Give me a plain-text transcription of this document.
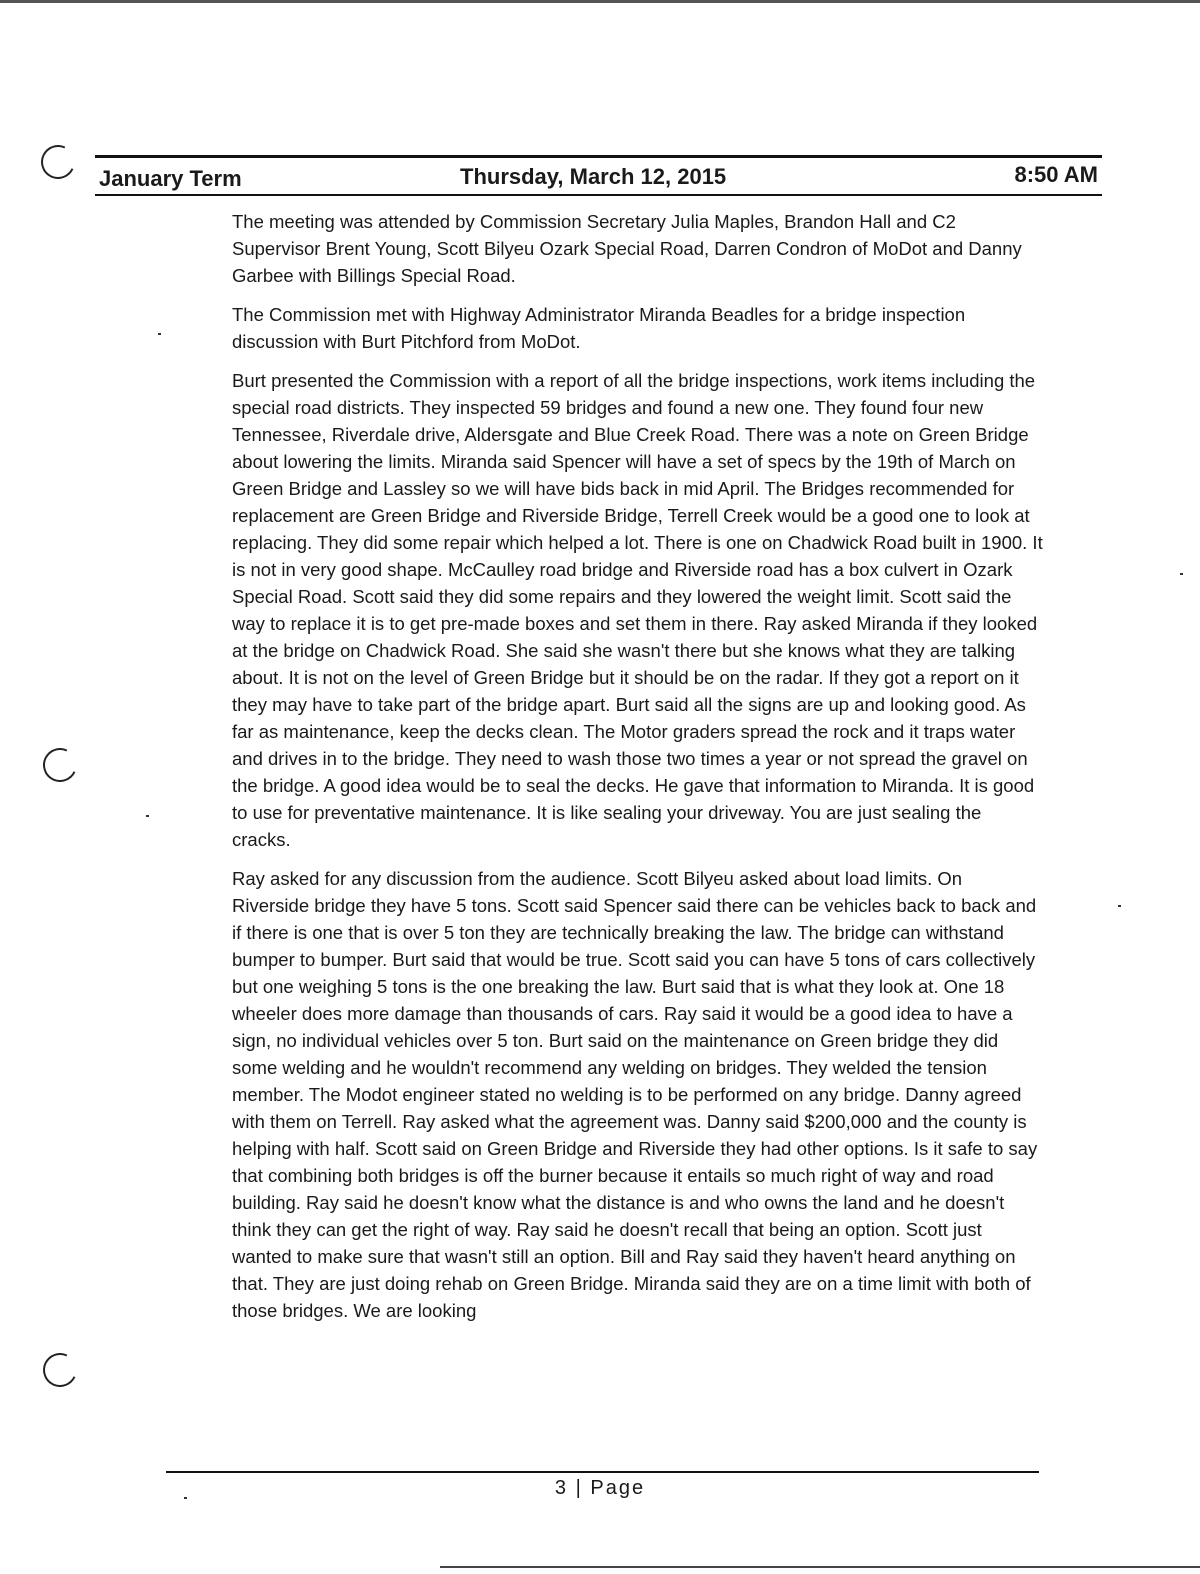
January Term	Thursday, March 12, 2015	8:50 AM

The meeting was attended by Commission Secretary Julia Maples, Brandon Hall and C2 Supervisor Brent Young, Scott Bilyeu Ozark Special Road, Darren Condron of MoDot and Danny Garbee with Billings Special Road.

The Commission met with Highway Administrator Miranda Beadles for a bridge inspection discussion with Burt Pitchford from MoDot.

Burt presented the Commission with a report of all the bridge inspections, work items including the special road districts. They inspected 59 bridges and found a new one. They found four new Tennessee, Riverdale drive, Aldersgate and Blue Creek Road. There was a note on Green Bridge about lowering the limits. Miranda said Spencer will have a set of specs by the 19th of March on Green Bridge and Lassley so we will have bids back in mid April. The Bridges recommended for replacement are Green Bridge and Riverside Bridge, Terrell Creek would be a good one to look at replacing. They did some repair which helped a lot. There is one on Chadwick Road built in 1900. It is not in very good shape. McCaulley road bridge and Riverside road has a box culvert in Ozark Special Road. Scott said they did some repairs and they lowered the weight limit. Scott said the way to replace it is to get pre-made boxes and set them in there. Ray asked Miranda if they looked at the bridge on Chadwick Road. She said she wasn't there but she knows what they are talking about. It is not on the level of Green Bridge but it should be on the radar. If they got a report on it they may have to take part of the bridge apart. Burt said all the signs are up and looking good. As far as maintenance, keep the decks clean. The Motor graders spread the rock and it traps water and drives in to the bridge. They need to wash those two times a year or not spread the gravel on the bridge. A good idea would be to seal the decks. He gave that information to Miranda. It is good to use for preventative maintenance. It is like sealing your driveway. You are just sealing the cracks.

Ray asked for any discussion from the audience. Scott Bilyeu asked about load limits. On Riverside bridge they have 5 tons. Scott said Spencer said there can be vehicles back to back and if there is one that is over 5 ton they are technically breaking the law. The bridge can withstand bumper to bumper. Burt said that would be true. Scott said you can have 5 tons of cars collectively but one weighing 5 tons is the one breaking the law. Burt said that is what they look at. One 18 wheeler does more damage than thousands of cars. Ray said it would be a good idea to have a sign, no individual vehicles over 5 ton. Burt said on the maintenance on Green bridge they did some welding and he wouldn't recommend any welding on bridges. They welded the tension member. The Modot engineer stated no welding is to be performed on any bridge. Danny agreed with them on Terrell. Ray asked what the agreement was. Danny said $200,000 and the county is helping with half. Scott said on Green Bridge and Riverside they had other options. Is it safe to say that combining both bridges is off the burner because it entails so much right of way and road building. Ray said he doesn't know what the distance is and who owns the land and he doesn't think they can get the right of way. Ray said he doesn't recall that being an option. Scott just wanted to make sure that wasn't still an option. Bill and Ray said they haven't heard anything on that. They are just doing rehab on Green Bridge. Miranda said they are on a time limit with both of those bridges. We are looking

3 | Page
